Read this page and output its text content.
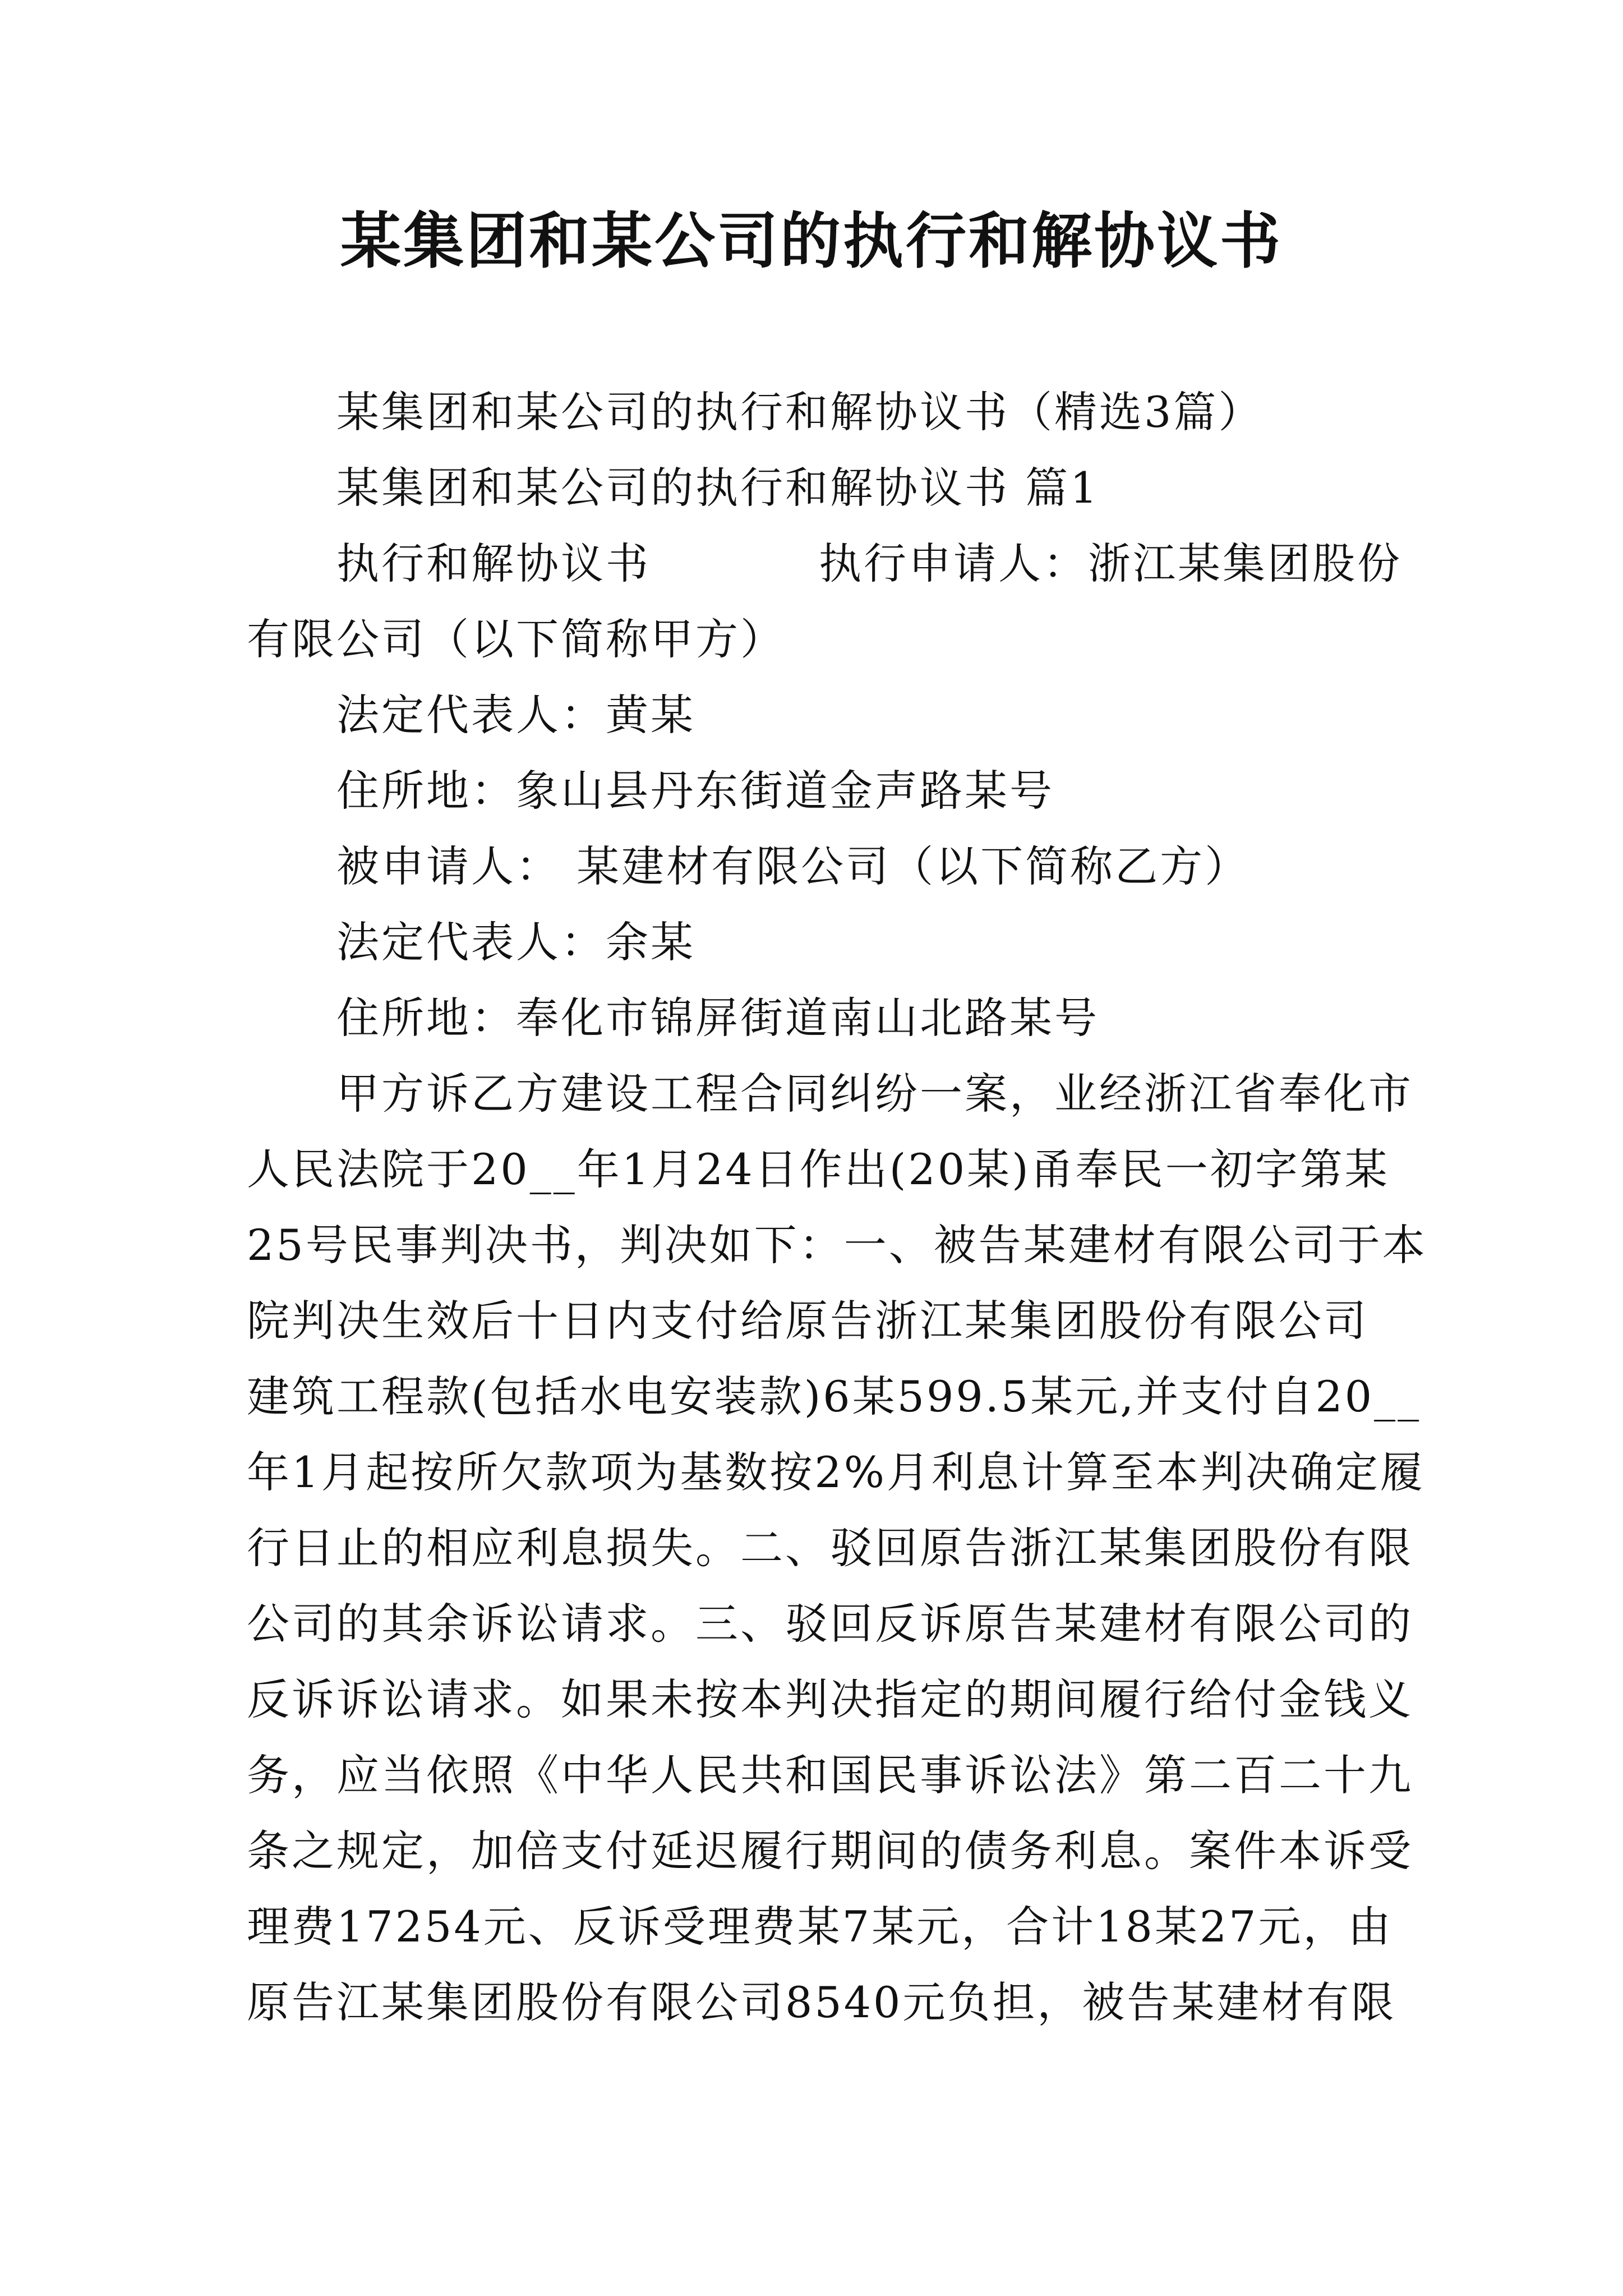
某集团和某公司的执行和解协议书
某集团和某公司的执行和解协议书（精选3篇）
某集团和某公司的执行和解协议书 篇1
执行和解协议书	执行申请人：浙江某集团股份
有限公司（以下简称甲方）
法定代表人：黄某
住所地：象山县丹东街道金声路某号
被申请人： 某建材有限公司（以下简称乙方）
法定代表人：余某
住所地：奉化市锦屏街道南山北路某号
甲方诉乙方建设工程合同纠纷一案，业经浙江省奉化市
人民法院于20__年1月24日作出(20某)甬奉民一初字第某
25号民事判决书，判决如下：一、被告某建材有限公司于本
院判决生效后十日内支付给原告浙江某集团股份有限公司
建筑工程款(包括水电安装款)6某599.5某元,并支付自20__
年1月起按所欠款项为基数按2%月利息计算至本判决确定履
行日止的相应利息损失。二、驳回原告浙江某集团股份有限
公司的其余诉讼请求。三、驳回反诉原告某建材有限公司的
反诉诉讼请求。如果未按本判决指定的期间履行给付金钱义
务，应当依照《中华人民共和国民事诉讼法》第二百二十九
条之规定，加倍支付延迟履行期间的债务利息。案件本诉受
理费17254元、反诉受理费某7某元，合计18某27元，由
原告江某集团股份有限公司8540元负担，被告某建材有限
